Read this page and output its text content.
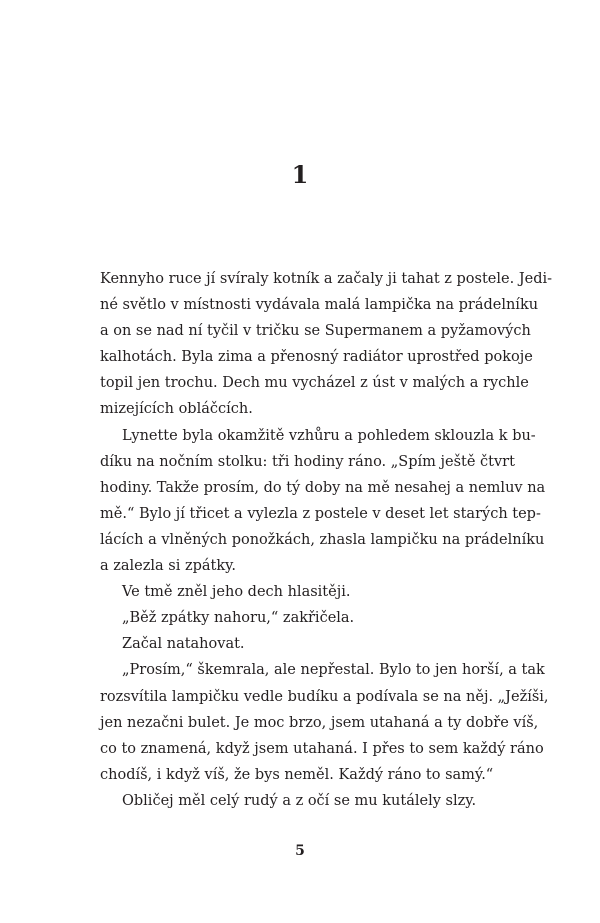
1
Kennyho ruce jí svíraly kotník a začaly ji tahat z postele. Jedi-
né světlo v místnosti vydávala malá lampička na prádelníku
a on se nad ní tyčil v tričku se Supermanem a pyžamových
kalhotách. Byla zima a přenosný radiátor uprostřed pokoje
topil jen trochu. Dech mu vycházel z úst v malých a rychle
mizejících obláčcích.
Lynette byla okamžitě vzhůru a pohledem sklouzla k bu-
díku na nočním stolku: tři hodiny ráno. „Spím ještě čtvrt
hodiny. Takže prosím, do tý doby na mě nesahej a nemluv na
mě.“ Bylo jí třicet a vylezla z postele v deset let starých tep-
lácích a vlněných ponožkách, zhasla lampičku na prádelníku
a zalezla si zpátky.
Ve tmě zněl jeho dech hlasitěji.
„Běž zpátky nahoru,“ zakřičela.
Začal natahovat.
„Prosím,“ škemrala, ale nepřestal. Bylo to jen horší, a tak
rozsvítila lampičku vedle budíku a podívala se na něj. „Ježíši,
jen nezačni bulet. Je moc brzo, jsem utahaná a ty dobře víš,
co to znamená, když jsem utahaná. I přes to sem každý ráno
chodíš, i když víš, že bys neměl. Každý ráno to samý.“
Obličej měl celý rudý a z očí se mu kutálely slzy.
5
